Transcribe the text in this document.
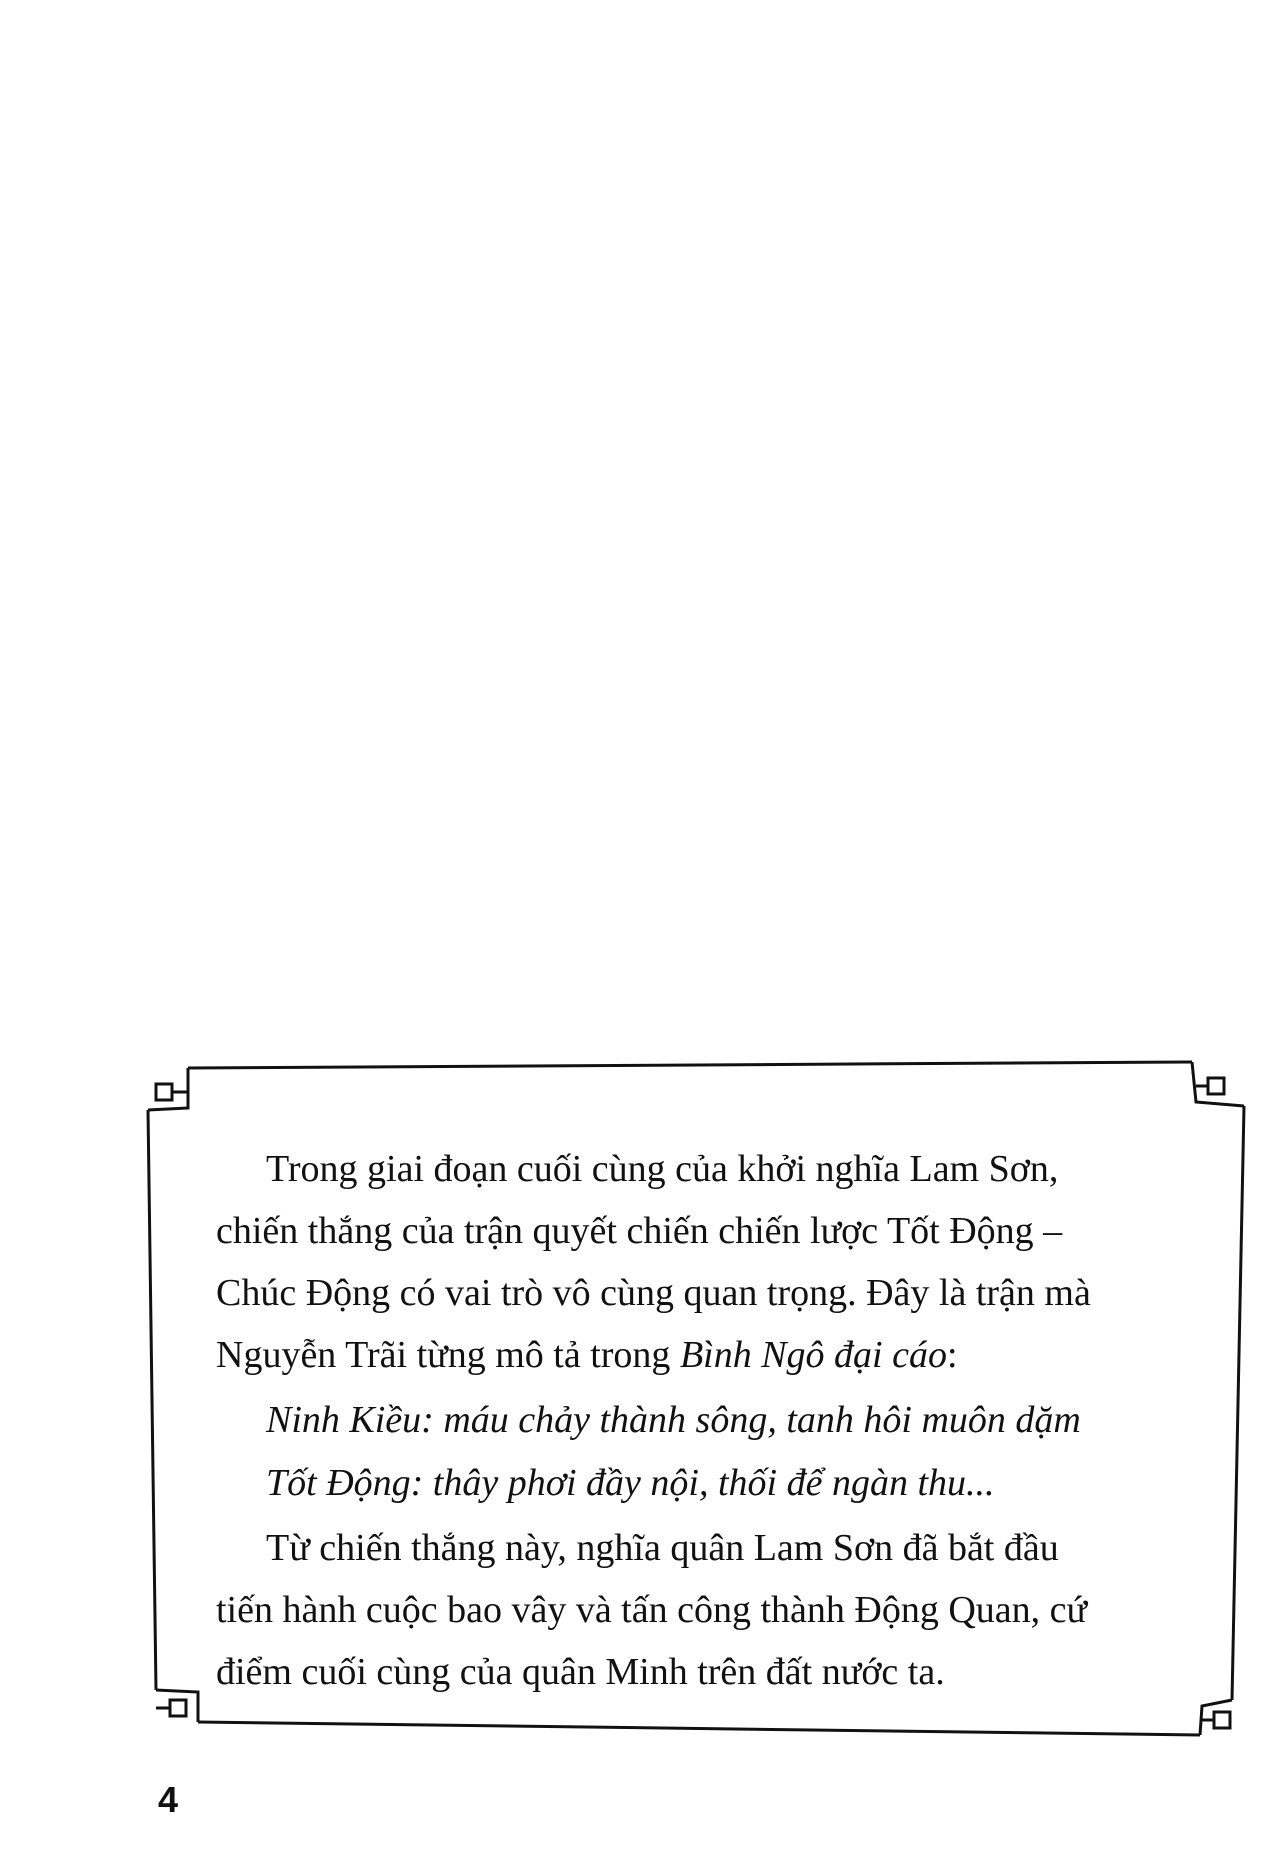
Trong giai đoạn cuối cùng của khởi nghĩa Lam Sơn,
chiến thắng của trận quyết chiến chiến lược Tốt Động –
Chúc Động có vai trò vô cùng quan trọng. Đây là trận mà
Nguyễn Trãi từng mô tả trong Bình Ngô đại cáo:
Ninh Kiều: máu chảy thành sông, tanh hôi muôn dặm
Tốt Động: thây phơi đầy nội, thối để ngàn thu...
Từ chiến thắng này, nghĩa quân Lam Sơn đã bắt đầu
tiến hành cuộc bao vây và tấn công thành Động Quan, cứ
điểm cuối cùng của quân Minh trên đất nước ta.
4
